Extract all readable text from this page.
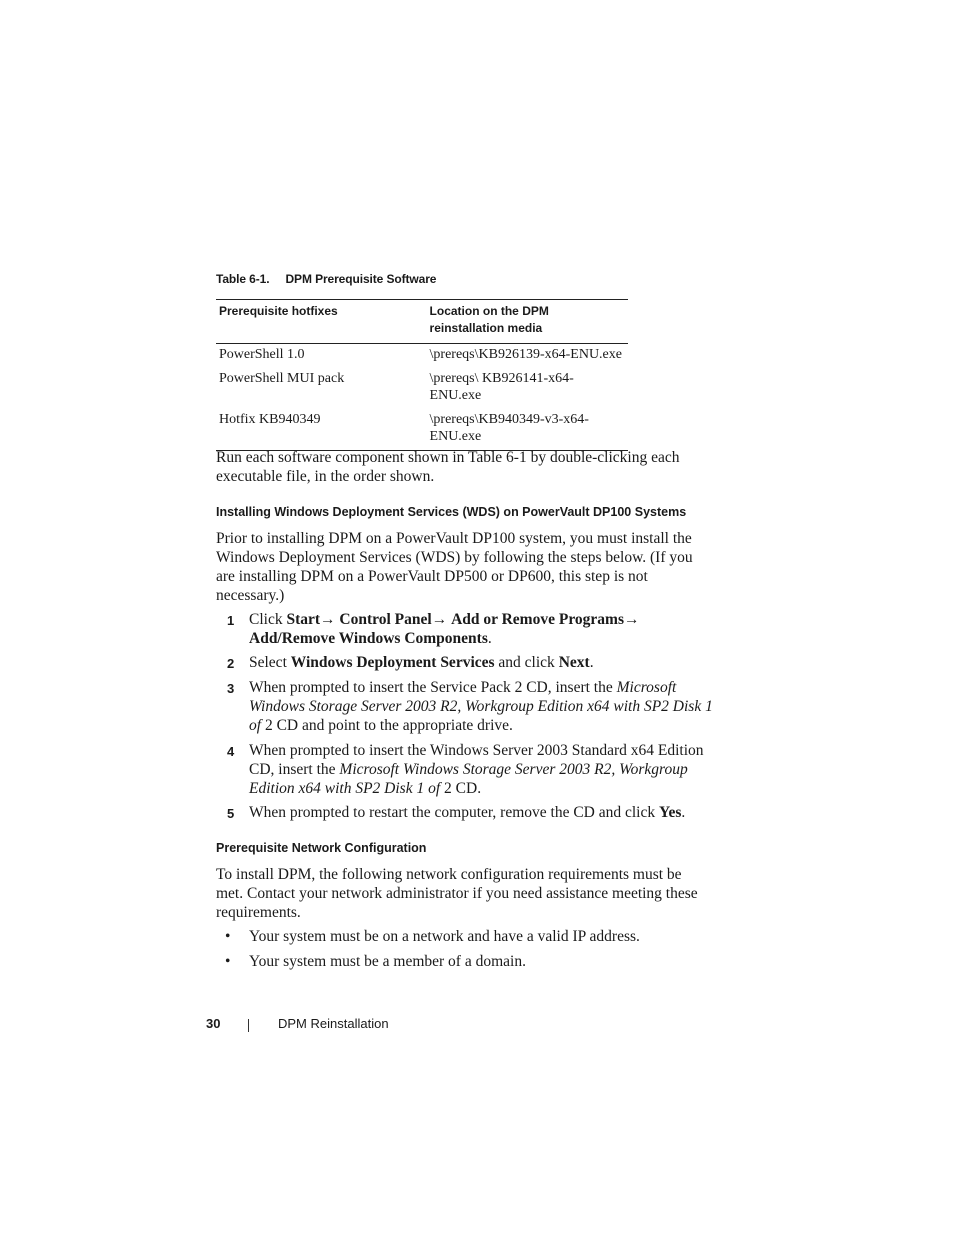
Table 6-1. DPM Prerequisite Software
Prerequisite hotfixes	Location on the DPM reinstallation media
PowerShell 1.0	\prereqs\KB926139-x64-ENU.exe
PowerShell MUI pack	\prereqs\ KB926141-x64-ENU.exe
Hotfix KB940349	\prereqs\KB940349-v3-x64-ENU.exe
Run each software component shown in Table 6-1 by double-clicking each executable file, in the order shown.
Installing Windows Deployment Services (WDS) on PowerVault DP100 Systems
Prior to installing DPM on a PowerVault DP100 system, you must install the Windows Deployment Services (WDS) by following the steps below. (If you are installing DPM on a PowerVault DP500 or DP600, this step is not necessary.)
1 Click Start→ Control Panel→ Add or Remove Programs→ Add/Remove Windows Components.
2 Select Windows Deployment Services and click Next.
3 When prompted to insert the Service Pack 2 CD, insert the Microsoft Windows Storage Server 2003 R2, Workgroup Edition x64 with SP2 Disk 1 of 2 CD and point to the appropriate drive.
4 When prompted to insert the Windows Server 2003 Standard x64 Edition CD, insert the Microsoft Windows Storage Server 2003 R2, Workgroup Edition x64 with SP2 Disk 1 of 2 CD.
5 When prompted to restart the computer, remove the CD and click Yes.
Prerequisite Network Configuration
To install DPM, the following network configuration requirements must be met. Contact your network administrator if you need assistance meeting these requirements.
• Your system must be on a network and have a valid IP address.
• Your system must be a member of a domain.
30	DPM Reinstallation
